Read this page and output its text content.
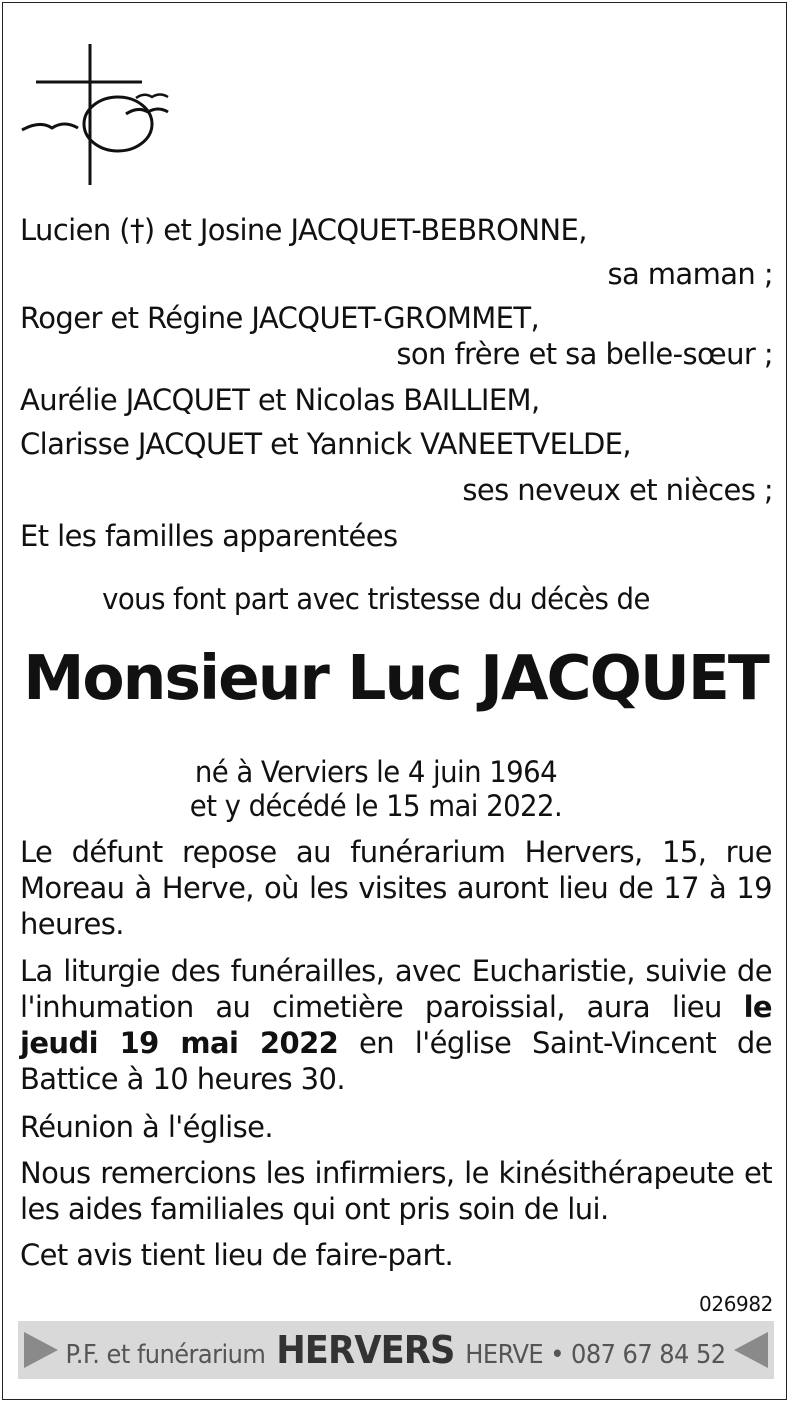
Lucien (†) et Josine JACQUET-BEBRONNE,
sa maman ;
Roger et Régine JACQUET-GROMMET,
son frère et sa belle-sœur ;
Aurélie JACQUET et Nicolas BAILLIEM,
Clarisse JACQUET et Yannick VANEETVELDE,
ses neveux et nièces ;
Et les familles apparentées
vous font part avec tristesse du décès de
Monsieur Luc JACQUET
né à Verviers le 4 juin 1964
et y décédé le 15 mai 2022.
Le défunt repose au funérarium Hervers, 15, rue Moreau à Herve, où les visites auront lieu de 17 à 19 heures.
La liturgie des funérailles, avec Eucharistie, suivie de l'inhumation au cimetière paroissial, aura lieu le jeudi 19 mai 2022 en l'église Saint-Vincent de Battice à 10 heures 30.
Réunion à l'église.
Nous remercions les infirmiers, le kinésithérapeute et les aides familiales qui ont pris soin de lui.
Cet avis tient lieu de faire-part.
026982
P.F. et funérarium HERVERS HERVE • 087 67 84 52
